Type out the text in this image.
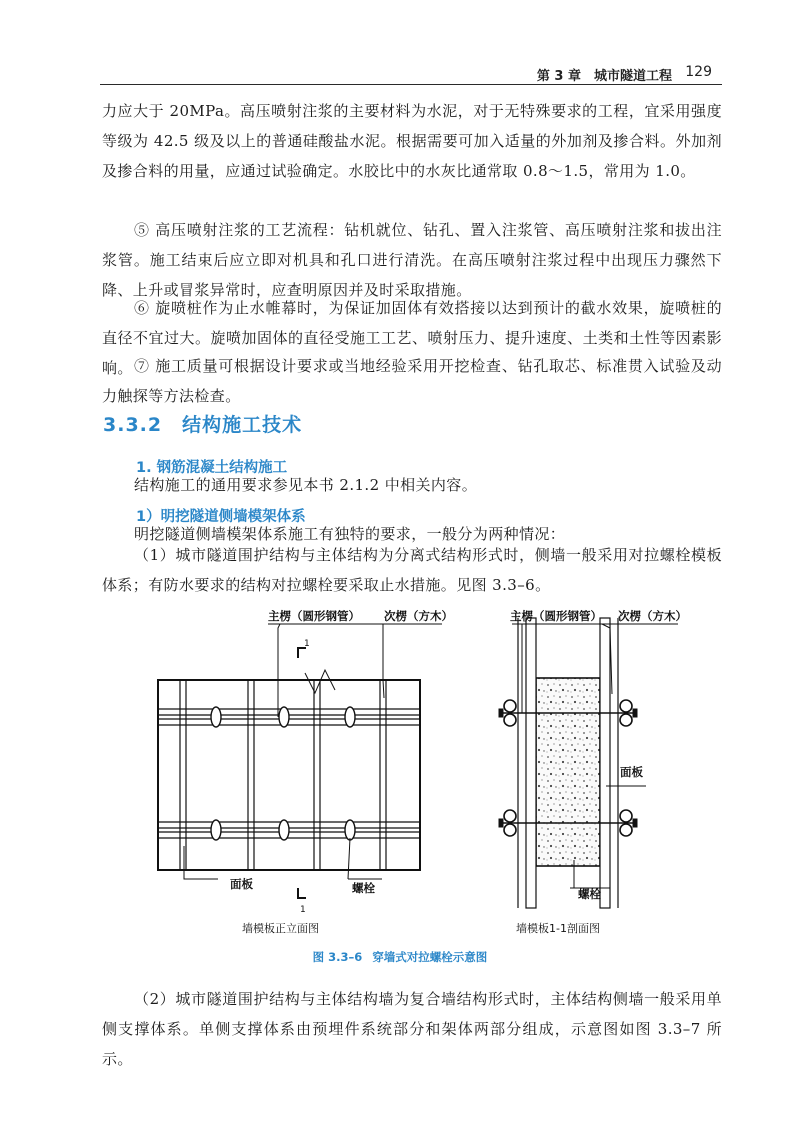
第 3 章　城市隧道工程 129

力应大于 20MPa。高压喷射注浆的主要材料为水泥，对于无特殊要求的工程，宜采用强度等级为 42.5 级及以上的普通硅酸盐水泥。根据需要可加入适量的外加剂及掺合料。外加剂及掺合料的用量，应通过试验确定。水胶比中的水灰比通常取 0.8～1.5，常用为 1.0。

⑤ 高压喷射注浆的工艺流程：钻机就位、钻孔、置入注浆管、高压喷射注浆和拔出注浆管。施工结束后应立即对机具和孔口进行清洗。在高压喷射注浆过程中出现压力骤然下降、上升或冒浆异常时，应查明原因并及时采取措施。

⑥ 旋喷桩作为止水帷幕时，为保证加固体有效搭接以达到预计的截水效果，旋喷桩的直径不宜过大。旋喷加固体的直径受施工工艺、喷射压力、提升速度、土类和土性等因素影响。 ⑦ 施工质量可根据设计要求或当地经验采用开挖检查、钻孔取芯、标准贯入试验及动力触探等方法检查。

3.3.2　结构施工技术
1. 钢筋混凝土结构施工

结构施工的通用要求参见本书 2.1.2 中相关内容。

1）明挖隧道侧墙模架体系

明挖隧道侧墙模架体系施工有独特的要求，一般分为两种情况：

（1）城市隧道围护结构与主体结构为分离式结构形式时，侧墙一般采用对拉螺栓模板体系；有防水要求的结构对拉螺栓要采取止水措施。见图 3.3–6。

主楞（圆形钢管） 次楞（方木）
1
1
面板	螺栓
墙模板正立面图
主楞（圆形钢管） 次楞（方木）
面板
螺栓
墙模板1-1剖面图
图 3.3–6 穿墙式对拉螺栓示意图

（2）城市隧道围护结构与主体结构墙为复合墙结构形式时，主体结构侧墙一般采用单侧支撑体系。单侧支撑体系由预埋件系统部分和架体两部分组成，示意图如图 3.3–7 所示。
